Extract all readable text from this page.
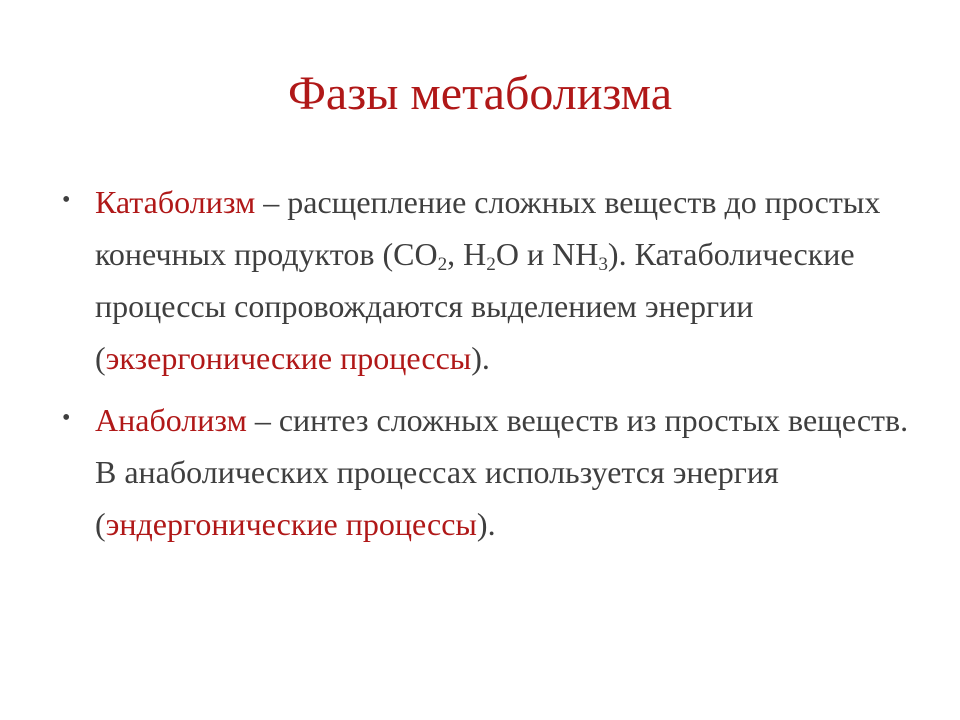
Фазы метаболизма
• Катаболизм – расщепление сложных веществ до простых конечных продуктов ($CO_2$, $H_2O$ и $NH_3$). Катаболические процессы сопровождаются выделением энергии (экзергонические процессы).
• Анаболизм – синтез сложных веществ из простых веществ. В анаболических процессах используется энергия (эндергонические процессы).
